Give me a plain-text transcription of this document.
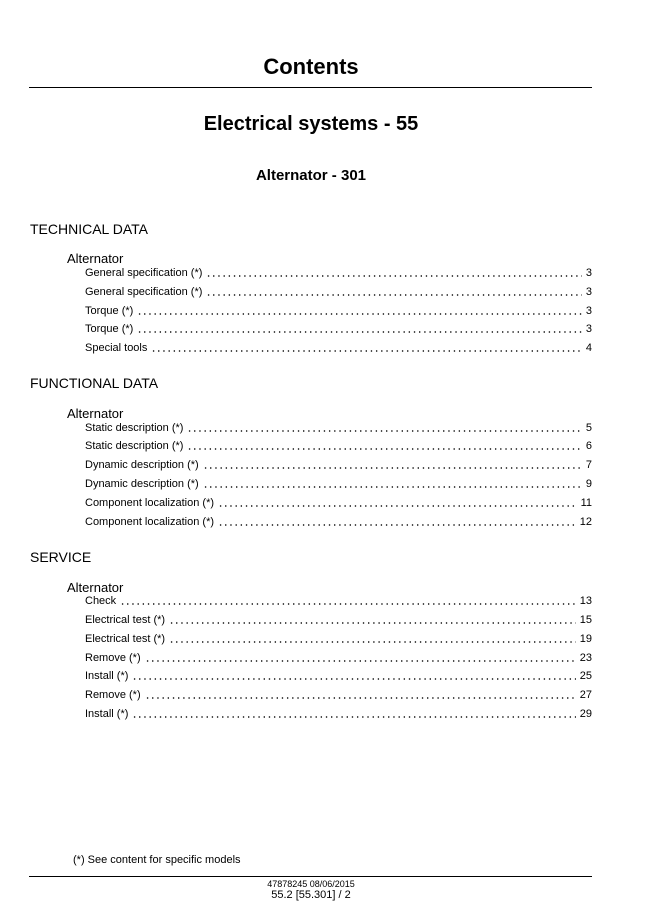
Contents
Electrical systems - 55
Alternator - 301
TECHNICAL DATA
Alternator
General specification (*)	3
General specification (*)	3
Torque (*)	3
Torque (*)	3
Special tools	4
FUNCTIONAL DATA
Alternator
Static description (*)	5
Static description (*)	6
Dynamic description (*)	7
Dynamic description (*)	9
Component localization (*)	11
Component localization (*)	12
SERVICE
Alternator
Check	13
Electrical test (*)	15
Electrical test (*)	19
Remove (*)	23
Install (*)	25
Remove (*)	27
Install (*)	29
(*) See content for specific models
47878245 08/06/2015
55.2 [55.301] / 2
